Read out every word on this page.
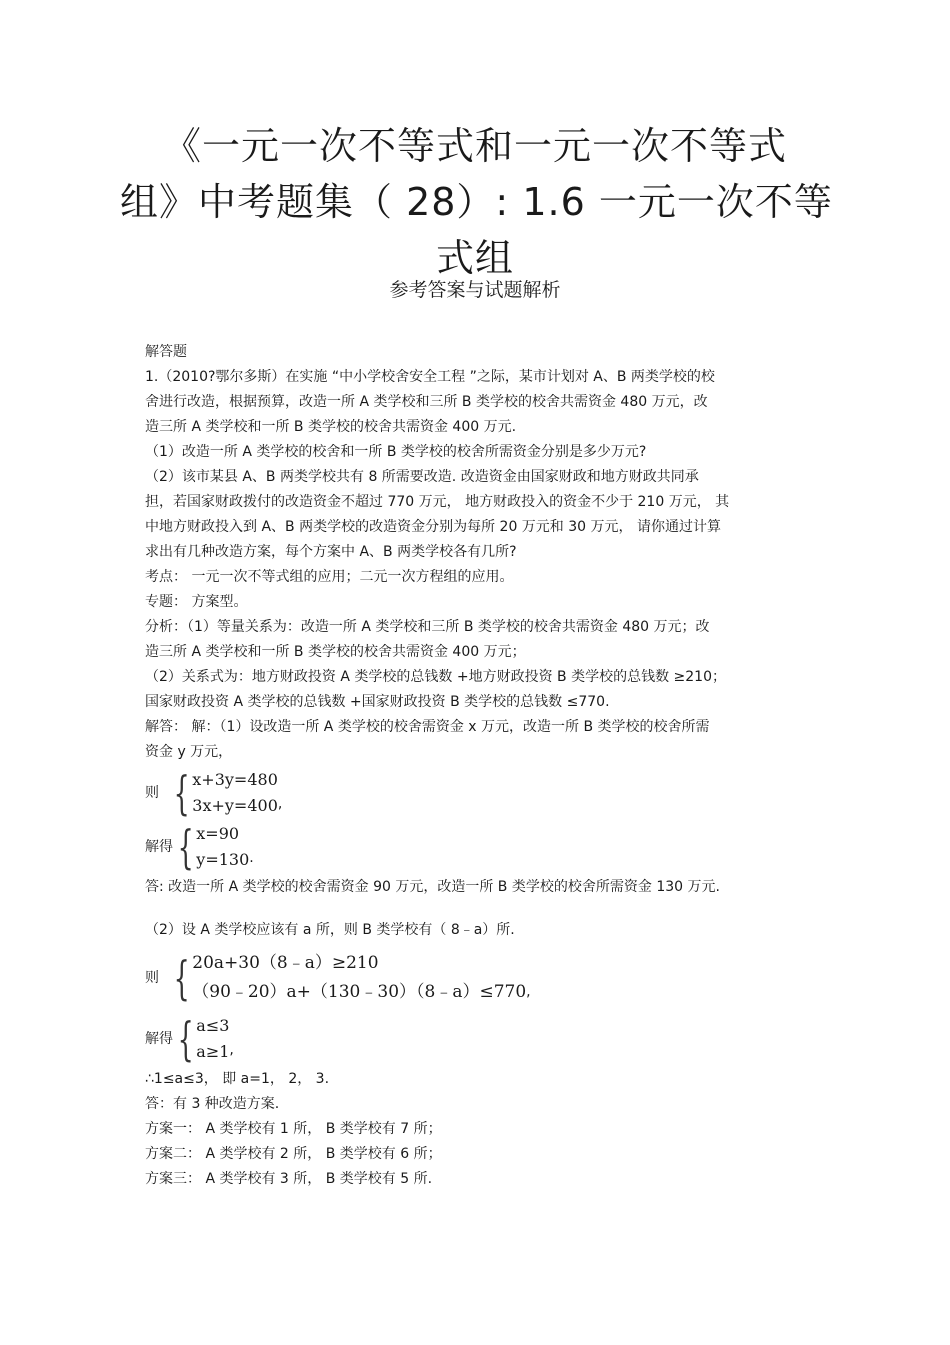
《一元一次不等式和一元一次不等式
组》中考题集（ 28）: 1.6 一元一次不等
式组
参考答案与试题解析

解答题

1.（2010?鄂尔多斯）在实施 “中小学校舍安全工程 ”之际，某市计划对 A、B 两类学校的校

舍进行改造，根据预算，改造一所 A 类学校和三所 B 类学校的校舍共需资金 480 万元，改

造三所 A 类学校和一所 B 类学校的校舍共需资金 400 万元.

（1）改造一所 A 类学校的校舍和一所 B 类学校的校舍所需资金分别是多少万元?

（2）该市某县 A、B 两类学校共有 8 所需要改造. 改造资金由国家财政和地方财政共同承

担，若国家财政拨付的改造资金不超过 770 万元， 地方财政投入的资金不少于 210 万元， 其

中地方财政投入到 A、B 两类学校的改造资金分别为每所 20 万元和 30 万元， 请你通过计算

求出有几种改造方案，每个方案中 A、B 两类学校各有几所?

考点： 一元一次不等式组的应用；二元一次方程组的应用。

专题： 方案型。

分析：（1）等量关系为：改造一所 A 类学校和三所 B 类学校的校舍共需资金 480 万元；改

造三所 A 类学校和一所 B 类学校的校舍共需资金 400 万元；

（2）关系式为：地方财政投资 A 类学校的总钱数 +地方财政投资 B 类学校的总钱数 ≥210；

国家财政投资 A 类学校的总钱数 +国家财政投资 B 类学校的总钱数 ≤770.

解答： 解：（1）设改造一所 A 类学校的校舍需资金 x 万元，改造一所 B 类学校的校舍所需

资金 y 万元，

则 { x+3y=480
3x+y=400 ,
解得 { x=90
y=130 .

答: 改造一所 A 类学校的校舍需资金 90 万元，改造一所 B 类学校的校舍所需资金 130 万元.

（2）设 A 类学校应该有 a 所，则 B 类学校有（ 8﹣a）所.

则 { 20a+30（8﹣a）≥210
（90﹣20）a+（130﹣30）（8﹣a）≤770 ,
解得 { a≤3
a≥1 ,

∴1≤a≤3， 即 a=1， 2， 3.

答：有 3 种改造方案.

方案一： A 类学校有 1 所， B 类学校有 7 所；

方案二： A 类学校有 2 所， B 类学校有 6 所；

方案三： A 类学校有 3 所， B 类学校有 5 所.
